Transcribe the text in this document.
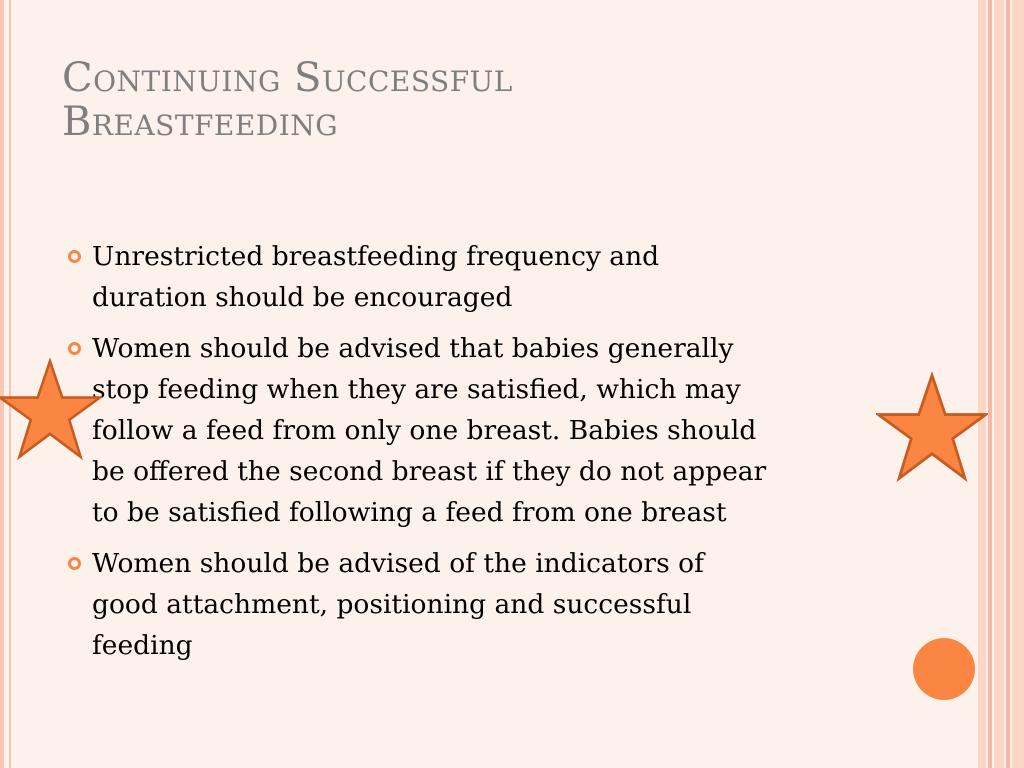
Continuing Successful
Breastfeeding
Unrestricted breastfeeding frequency and
duration should be encouraged
Women should be advised that babies generally
stop feeding when they are satisfied, which may
follow a feed from only one breast. Babies should
be offered the second breast if they do not appear
to be satisfied following a feed from one breast
Women should be advised of the indicators of
good attachment, positioning and successful
feeding
